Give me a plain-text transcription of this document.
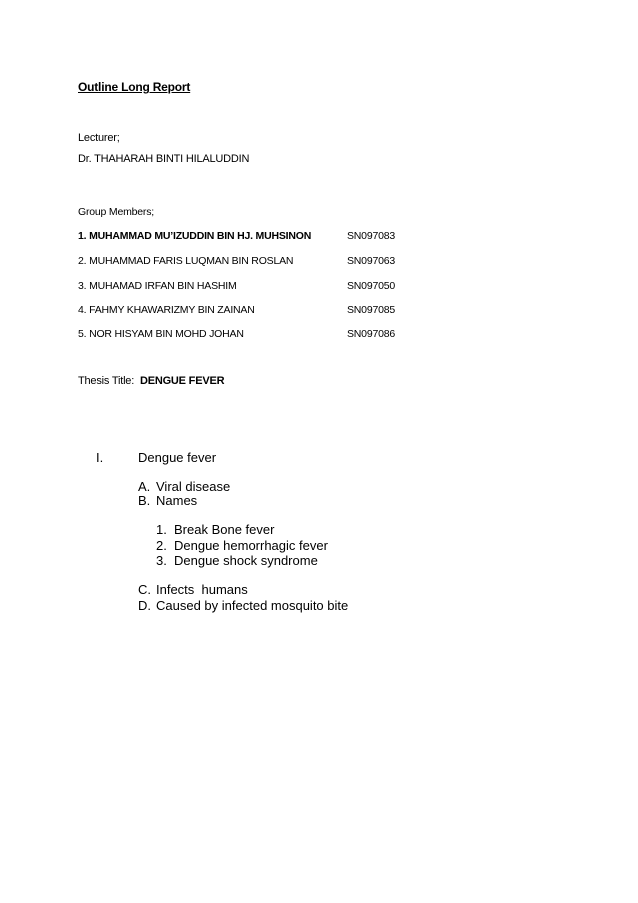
Outline Long Report
Lecturer;
Dr. THAHARAH BINTI HILALUDDIN
Group Members;
1. MUHAMMAD MU’IZUDDIN BIN HJ. MUHSINON	SN097083
2. MUHAMMAD FARIS LUQMAN BIN ROSLAN	SN097063
3. MUHAMAD IRFAN BIN HASHIM	SN097050
4. FAHMY KHAWARIZMY BIN ZAINAN	SN097085
5. NOR HISYAM BIN MOHD JOHAN	SN097086
Thesis Title: DENGUE FEVER
I.	Dengue fever
A. Viral disease
B. Names
1. Break Bone fever
2. Dengue hemorrhagic fever
3. Dengue shock syndrome
C. Infects  humans
D. Caused by infected mosquito bite
